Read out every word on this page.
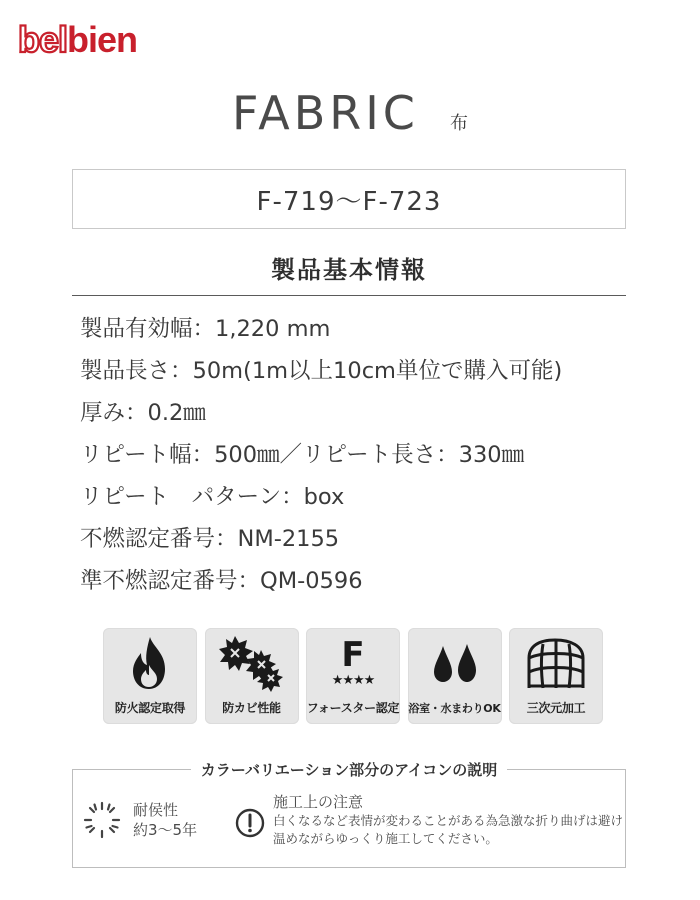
belbien
FABRIC 布
F-719〜F-723
製品基本情報
製品有効幅：1,220 mm
製品長さ：50m(1m以上10cm単位で購入可能)
厚み：0.2㎜
リピート幅：500㎜／リピート長さ：330㎜
リピート　パターン：box
不燃認定番号：NM-2155
準不燃認定番号：QM-0596
防火認定取得	防カビ性能
F
★★★★
フォースター認定 浴室・水まわりOK	三次元加工
カラーバリエーション部分のアイコンの説明
耐侯性
約3〜5年
施工上の注意
白くなるなど表情が変わることがある為急激な折り曲げは避け温めながらゆっくり施工してください。
